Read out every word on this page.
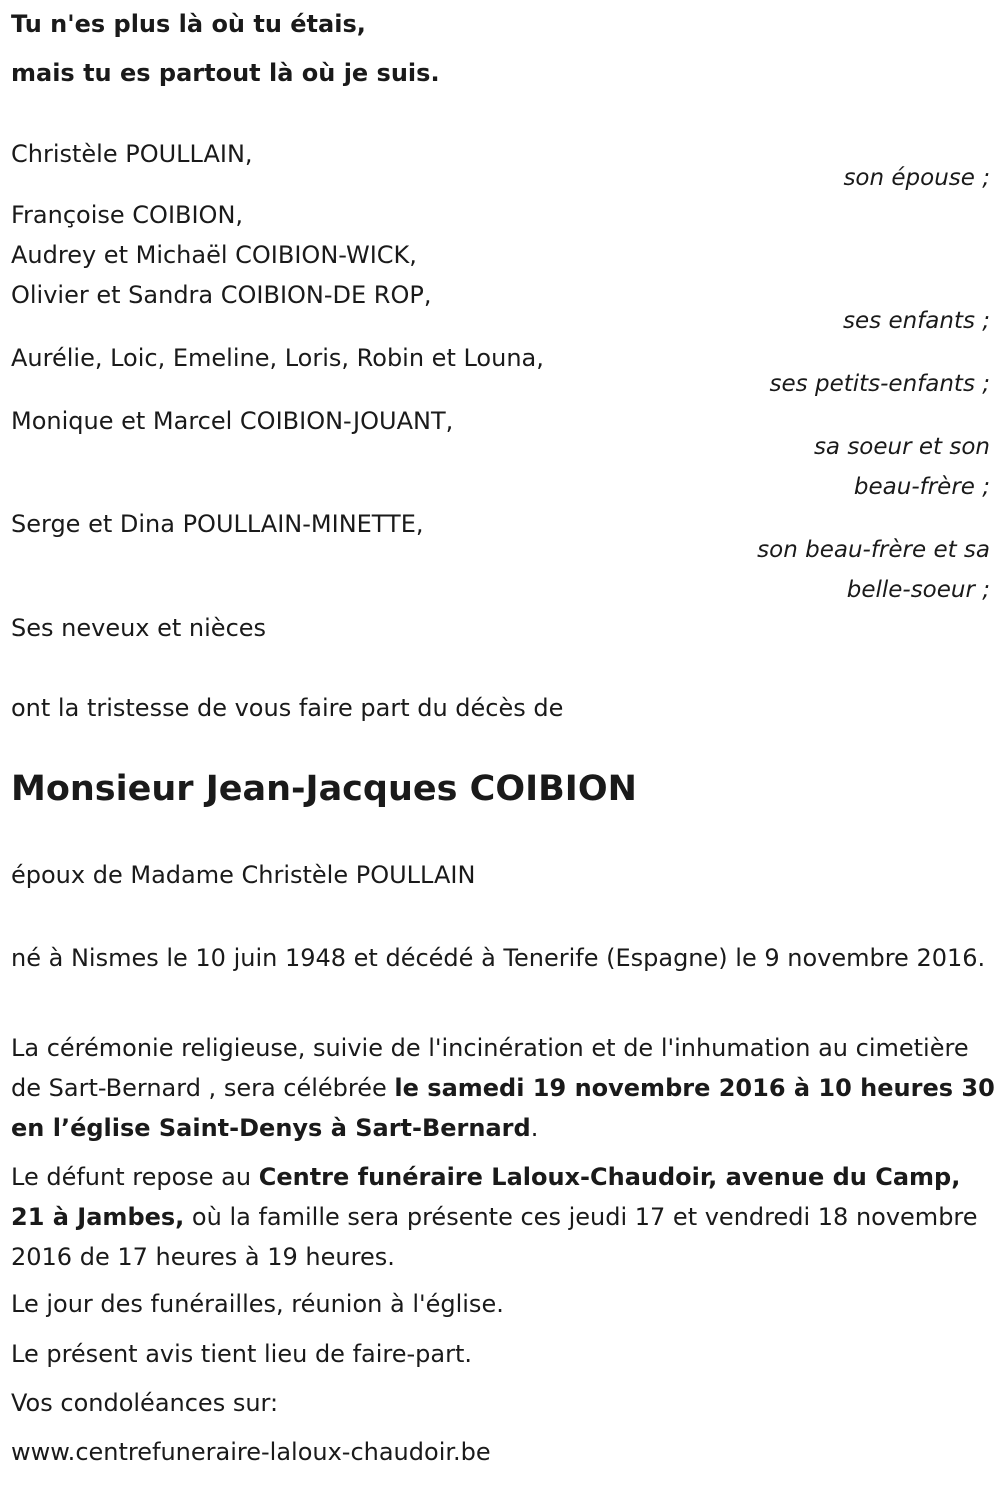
Tu n'es plus là où tu étais,
mais tu es partout là où je suis.
Christèle POULLAIN,
son épouse ;
Françoise COIBION,
Audrey et Michaël COIBION-WICK,
Olivier et Sandra COIBION-DE ROP,
ses enfants ;
Aurélie, Loic, Emeline, Loris, Robin et Louna,
ses petits-enfants ;
Monique et Marcel COIBION-JOUANT,
sa soeur et son
beau-frère ;
Serge et Dina POULLAIN-MINETTE,
son beau-frère et sa
belle-soeur ;
Ses neveux et nièces
ont la tristesse de vous faire part du décès de
Monsieur Jean-Jacques COIBION
époux de Madame Christèle POULLAIN
né à Nismes le 10 juin 1948 et décédé à Tenerife (Espagne) le 9 novembre 2016.
La cérémonie religieuse, suivie de l'incinération et de l'inhumation au cimetière de Sart-Bernard , sera célébrée le samedi 19 novembre 2016 à 10 heures 30 en l’église Saint-Denys à Sart-Bernard.
Le défunt repose au Centre funéraire Laloux-Chaudoir, avenue du Camp, 21 à Jambes, où la famille sera présente ces jeudi 17 et vendredi 18 novembre 2016 de 17 heures à 19 heures.
Le jour des funérailles, réunion à l'église.
Le présent avis tient lieu de faire-part.
Vos condoléances sur:
www.centrefuneraire-laloux-chaudoir.be
